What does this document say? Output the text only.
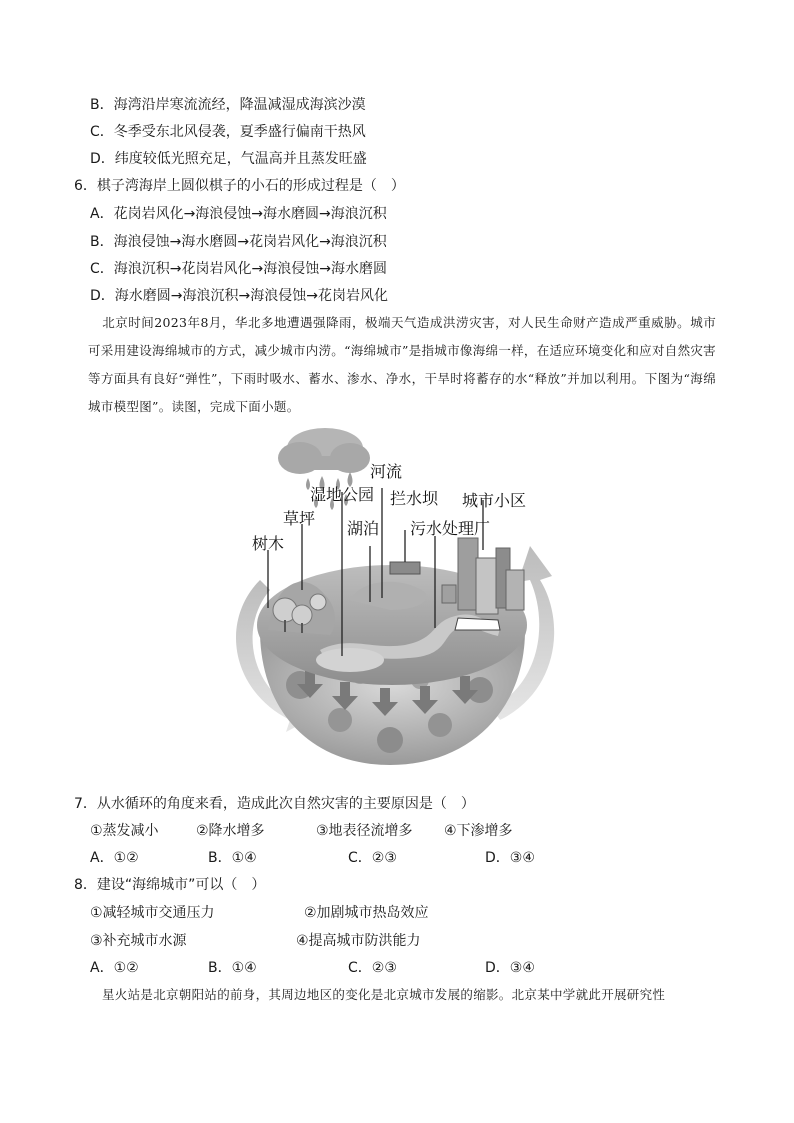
B．海湾沿岸寒流流经，降温减湿成海滨沙漠
C．冬季受东北风侵袭，夏季盛行偏南干热风
D．纬度较低光照充足，气温高并且蒸发旺盛
6．棋子湾海岸上圆似棋子的小石的形成过程是（　）
A．花岗岩风化→海浪侵蚀→海水磨圆→海浪沉积
B．海浪侵蚀→海水磨圆→花岗岩风化→海浪沉积
C．海浪沉积→花岗岩风化→海浪侵蚀→海水磨圆
D．海水磨圆→海浪沉积→海浪侵蚀→花岗岩风化
北京时间2023年8月，华北多地遭遇强降雨，极端天气造成洪涝灾害，对人民生命财产造成严重威胁。城市可采用建设海绵城市的方式，减少城市内涝。“海绵城市”是指城市像海绵一样，在适应环境变化和应对自然灾害等方面具有良好“弹性”，下雨时吸水、蓄水、渗水、净水，干旱时将蓄存的水“释放”并加以利用。下图为“海绵城市模型图”。读图，完成下面小题。
河流
湿地公园 拦水坝 城市小区
草坪
湖泊 污水处理厂
树木
7．从水循环的角度来看，造成此次自然灾害的主要原因是（　）
①蒸发减小	②降水增多	③地表径流增多 ④下渗增多
A．①②	B．①④	C．②③	D．③④
8．建设“海绵城市”可以（　）
①减轻城市交通压力	②加剧城市热岛效应
③补充城市水源	④提高城市防洪能力
A．①②	B．①④	C．②③	D．③④
星火站是北京朝阳站的前身，其周边地区的变化是北京城市发展的缩影。北京某中学就此开展研究性
